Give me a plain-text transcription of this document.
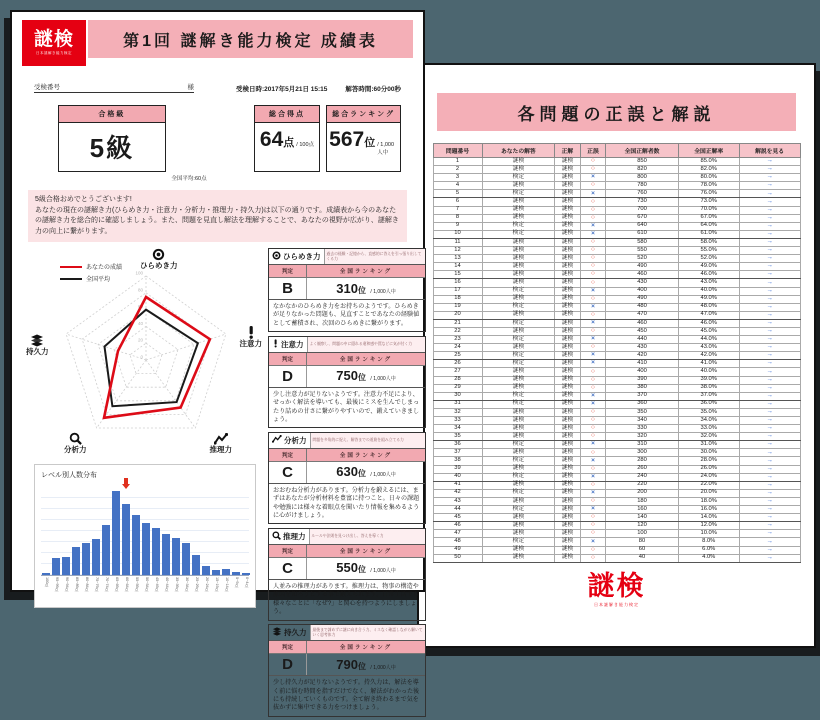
謎検
日本謎解き能力検定
第1回 謎解き能力検定 成績表
受検番号	様	受検日時:2017年5月21日 15:15	解答時間:60分00秒
合格級
5級
総合得点
64 点 / 100点
総合ランキング
567 位 / 1,000人中
全国平均:60点
5級合格おめでとうございます!
あなたの現在の謎解き力(ひらめき力・注意力・分析力・推理力・持久力)は以下の通りです。成績表から今のあなたの謎解き力を総合的に確認しましょう。また、問題を見直し解法を理解することで、あなたの視野が広がり、謎解き力の向上に繋がります。
あなたの成績
全国平均
0
20
40
60
80
100
ひらめき力
注意力
推理力
分析力
持久力
レベル別人数分布
100点	95~99点	90~94点	85~89点	80~84点	75~79点	70~74点	65~69点	60~64点	55~59点	50~54点	45~49点	40~44点	35~39点	30~34点	25~29点	20~24点	15~19点	10~14点	5~9点	0~4点
ひらめき力	過去の経験・記憶から、直感的に答えを引っ張り出してくる力
判定	全国ランキング
B	310位 / 1,000人中
なかなかのひらめき力をお持ちのようです。ひらめきが足りなかった問題も、見直すことであなたの経験値として蓄積され、次回のひらめきに繋がります。
注意力	よく観察し、問題の中に隠れる違和感や罠などに気が付く力
判定	全国ランキング
D	750位 / 1,000人中
少し注意力が足りないようです。注意力不足により、せっかく解法を導いても、最後にミスを生んでしまったり詰めの甘さに繋がりやすいので、鍛えていきましょう。
分析力	問題を多角的に捉え、解答までの道筋を組み立てる力
判定	全国ランキング
C	630位 / 1,000人中
おおむね分析力があります。分析力を鍛えるには、まずはあなたが分析材料を豊富に持つこと。日々の課題や勉強には様々な着眼点を聞いたり情報を集めるように心がけましょう。
推理力	ルールや法則を見つけ出し、答えを導く力
判定	全国ランキング
C	550位 / 1,000人中
人並みの推理力があります。推理力は、物事の構造や原因を知ろうとする事で鍛えられます。日常生活でも様々なことに「なぜ?」と関心を持つようにしましょう。
持久力	最後まで諦めずに謎に向き合う力、ミスなく確認しながら解いていく思考体力
判定	全国ランキング
D	790位 / 1,000人中
少し持久力が足りないようです。持久力は、解法を導く前に悩む時間を指すだけでなく、解法がわかった後にも持続していくものです。全て解き終わるまで気を抜かずに集中できる力をつけましょう。
各問題の正誤と解説
問題番号	あなたの解答	正解	正誤	全国正解者数	全国正解率	解説を見る
1	謎検	謎検	○	850	85.0%	→
2	謎検	謎検	○	820	82.0%	→
3	検定	謎検	×	800	80.0%	→
4	謎検	謎検	○	780	78.0%	→
5	検定	謎検	×	760	76.0%	→
6	謎検	謎検	○	730	73.0%	→
7	謎検	謎検	○	700	70.0%	→
8	謎検	謎検	○	670	67.0%	→
9	検定	謎検	×	640	64.0%	→
10	検定	謎検	×	610	61.0%	→
11	謎検	謎検	○	580	58.0%	→
12	謎検	謎検	○	550	55.0%	→
13	謎検	謎検	○	520	52.0%	→
14	謎検	謎検	○	490	49.0%	→
15	謎検	謎検	○	460	46.0%	→
16	謎検	謎検	○	430	43.0%	→
17	検定	謎検	×	400	40.0%	→
18	謎検	謎検	○	490	49.0%	→
19	検定	謎検	×	480	48.0%	→
20	謎検	謎検	○	470	47.0%	→
21	検定	謎検	×	460	46.0%	→
22	謎検	謎検	○	450	45.0%	→
23	検定	謎検	×	440	44.0%	→
24	謎検	謎検	○	430	43.0%	→
25	検定	謎検	×	420	42.0%	→
26	検定	謎検	×	410	41.0%	→
27	謎検	謎検	○	400	40.0%	→
28	謎検	謎検	○	390	39.0%	→
29	謎検	謎検	○	380	38.0%	→
30	検定	謎検	×	370	37.0%	→
31	検定	謎検	×	360	36.0%	→
32	謎検	謎検	○	350	35.0%	→
33	謎検	謎検	○	340	34.0%	→
34	謎検	謎検	○	330	33.0%	→
35	謎検	謎検	○	320	32.0%	→
36	検定	謎検	×	310	31.0%	→
37	謎検	謎検	○	300	30.0%	→
38	検定	謎検	×	280	28.0%	→
39	謎検	謎検	○	260	26.0%	→
40	検定	謎検	×	240	24.0%	→
41	謎検	謎検	○	220	22.0%	→
42	検定	謎検	×	200	20.0%	→
43	謎検	謎検	○	180	18.0%	→
44	検定	謎検	×	160	16.0%	→
45	謎検	謎検	○	140	14.0%	→
46	謎検	謎検	○	120	12.0%	→
47	謎検	謎検	○	100	10.0%	→
48	検定	謎検	×	80	8.0%	→
49	謎検	謎検	○	60	6.0%	→
50	謎検	謎検	○	40	4.0%	→
謎検
日本謎解き能力検定
